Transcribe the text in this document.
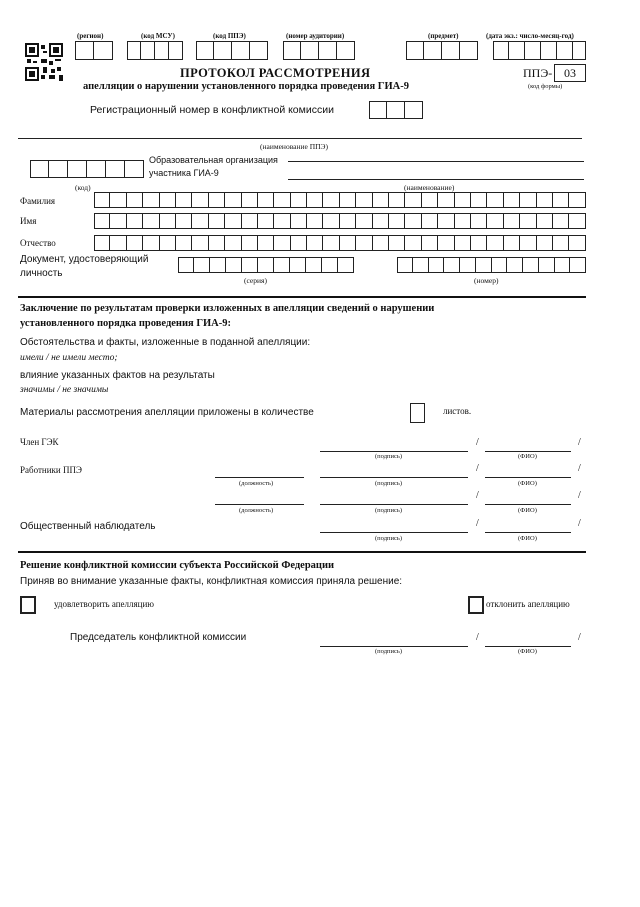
(регион)	(код МСУ)	(код ППЭ)	(номер аудитории)	(предмет)	(дата экз.: число-месяц-год)
ППЭ- 03
(код формы)
ПРОТОКОЛ РАССМОТРЕНИЯ
апелляции о нарушении установленного порядка проведения ГИА-9
Регистрационный номер в конфликтной комиссии
(наименование ППЭ)
(код)
Образовательная организация участника ГИА-9
(наименование)
Фамилия
Имя
Отчество
Документ, удостоверяющий
личность
(серия)	(номер)
Заключение по результатам проверки изложенных в апелляции сведений о нарушении
установленного порядка проведения ГИА-9:
Обстоятельства и факты, изложенные в поданной апелляции:
имели / не имели место;
влияние указанных фактов на результаты
значимы / не значимы
Материалы рассмотрения апелляции приложены в количестве	листов.
Член ГЭК
(подпись)
/
(ФИО)
/
Работники ППЭ
(должность)	(подпись)
/
(ФИО)
/
(должность)	(подпись)
/
(ФИО)
/
Общественный наблюдатель
(подпись)
/
(ФИО)
/
Решение конфликтной комиссии субъекта Российской Федерации
Приняв во внимание указанные факты, конфликтная комиссия приняла решение:
удовлетворить апелляцию	отклонить апелляцию
Председатель конфликтной комиссии
(подпись)
/
(ФИО)
/
